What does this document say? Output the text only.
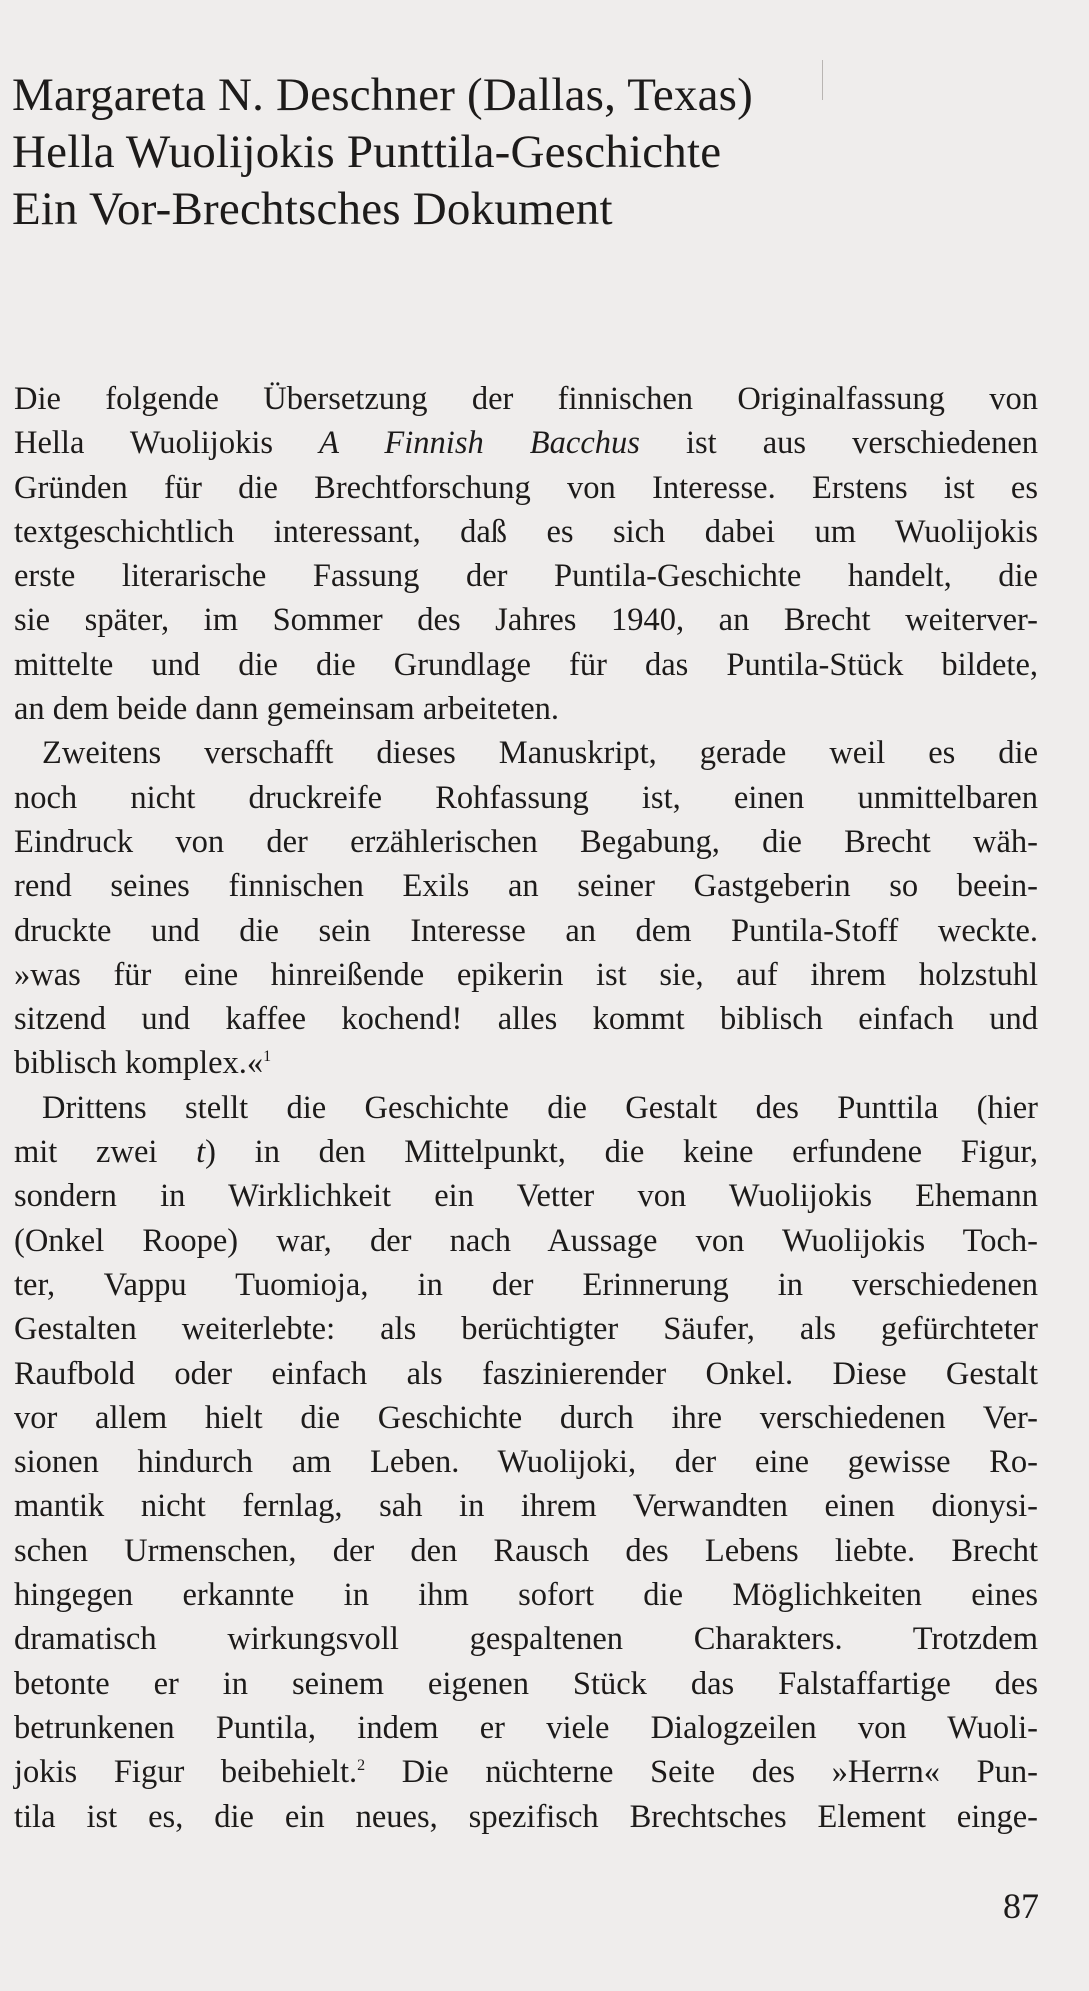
Margareta N. Deschner (Dallas, Texas)
Hella Wuolijokis Punttila-Geschichte
Ein Vor-Brechtsches Dokument
Die folgende Übersetzung der finnischen Originalfassung von
Hella Wuolijokis A Finnish Bacchus ist aus verschiedenen
Gründen für die Brechtforschung von Interesse. Erstens ist es
textgeschichtlich interessant, daß es sich dabei um Wuolijokis
erste literarische Fassung der Puntila-Geschichte handelt, die
sie später, im Sommer des Jahres 1940, an Brecht weiterver-
mittelte und die die Grundlage für das Puntila-Stück bildete,
an dem beide dann gemeinsam arbeiteten.
Zweitens verschafft dieses Manuskript, gerade weil es die
noch nicht druckreife Rohfassung ist, einen unmittelbaren
Eindruck von der erzählerischen Begabung, die Brecht wäh-
rend seines finnischen Exils an seiner Gastgeberin so beein-
druckte und die sein Interesse an dem Puntila-Stoff weckte.
»was für eine hinreißende epikerin ist sie, auf ihrem holzstuhl
sitzend und kaffee kochend! alles kommt biblisch einfach und
biblisch komplex.«$^1$
Drittens stellt die Geschichte die Gestalt des Punttila (hier
mit zwei t) in den Mittelpunkt, die keine erfundene Figur,
sondern in Wirklichkeit ein Vetter von Wuolijokis Ehemann
(Onkel Roope) war, der nach Aussage von Wuolijokis Toch-
ter, Vappu Tuomioja, in der Erinnerung in verschiedenen
Gestalten weiterlebte: als berüchtigter Säufer, als gefürchteter
Raufbold oder einfach als faszinierender Onkel. Diese Gestalt
vor allem hielt die Geschichte durch ihre verschiedenen Ver-
sionen hindurch am Leben. Wuolijoki, der eine gewisse Ro-
mantik nicht fernlag, sah in ihrem Verwandten einen dionysi-
schen Urmenschen, der den Rausch des Lebens liebte. Brecht
hingegen erkannte in ihm sofort die Möglichkeiten eines
dramatisch wirkungsvoll gespaltenen Charakters. Trotzdem
betonte er in seinem eigenen Stück das Falstaffartige des
betrunkenen Puntila, indem er viele Dialogzeilen von Wuoli-
jokis Figur beibehielt.$^2$ Die nüchterne Seite des »Herrn« Pun-
tila ist es, die ein neues, spezifisch Brechtsches Element einge-
87
